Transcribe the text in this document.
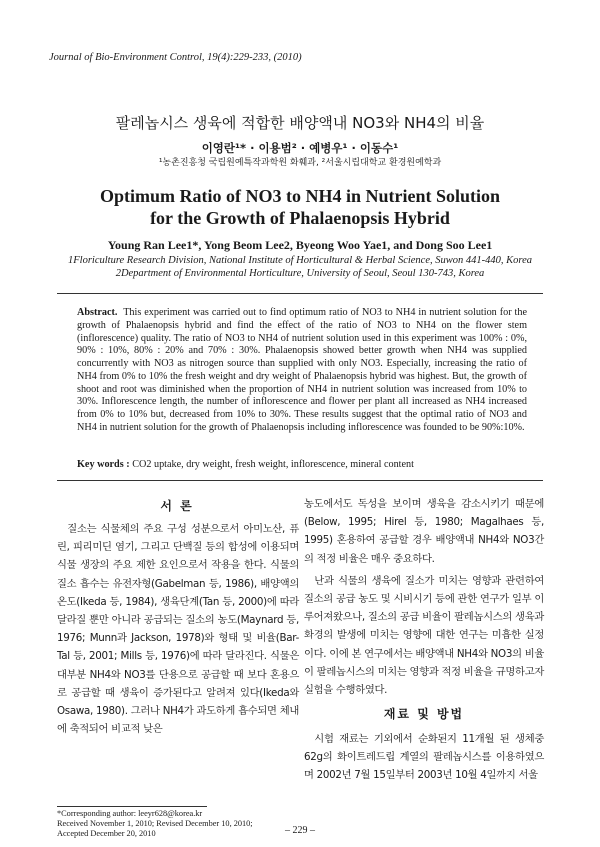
Journal of Bio-Environment Control, 19(4):229-233, (2010)
팔레놉시스 생육에 적합한 배양액내 NO3와 NH4의 비율
이영란¹* · 이용범² · 예병우¹ · 이동수¹
¹농촌진흥청 국립원예특작과학원 화훼과, ²서울시립대학교 환경원예학과
Optimum Ratio of NO3 to NH4 in Nutrient Solution
for the Growth of Phalaenopsis Hybrid
Young Ran Lee1*, Yong Beom Lee2, Byeong Woo Yae1, and Dong Soo Lee1
1Floriculture Research Division, National Institute of Horticultural & Herbal Science, Suwon 441-440, Korea
2Department of Environmental Horticulture, University of Seoul, Seoul 130-743, Korea
Abstract. This experiment was carried out to find optimum ratio of NO3 to NH4 in nutrient solution for the growth of Phalaenopsis hybrid and find the effect of the ratio of NO3 to NH4 on the flower stem (inflorescence) quality. The ratio of NO3 to NH4 of nutrient solution used in this experiment was 100% : 0%, 90% : 10%, 80% : 20% and 70% : 30%. Phalaenopsis showed better growth when NH4 was supplied concurrently with NO3 as nitrogen source than supplied with only NO3. Especially, increasing the ratio of NH4 from 0% to 10% the fresh weight and dry weight of Phalaenopsis hybrid was highest. But, the growth of shoot and root was diminished when the proportion of NH4 in nutrient solution was increased from 10% to 30%. Inflorescence length, the number of inflorescence and flower per plant all increased as NH4 increased from 0% to 10% but, decreased from 10% to 30%. These results suggest that the optimal ratio of NO3 and NH4 in nutrient solution for the growth of Phalaenopsis including inflorescence was founded to be 90%:10%.
Key words : CO2 uptake, dry weight, fresh weight, inflorescence, mineral content
서 론

질소는 식물체의 주요 구성 성분으로서 아미노산, 퓨린, 피리미딘 염기, 그리고 단백질 등의 합성에 이용되며 식물 생장의 주요 제한 요인으로서 작용을 한다. 식물의 질소 흡수는 유전자형(Gabelman 등, 1986), 배양액의 온도(Ikeda 등, 1984), 생육단계(Tan 등, 2000)에 따라 달라질 뿐만 아니라 공급되는 질소의 농도(Maynard 등, 1976; Munn과 Jackson, 1978)와 형태 및 비율(Bar-Tal 등, 2001; Mills 등, 1976)에 따라 달라진다. 식물은 대부분 NH4와 NO3를 단용으로 공급할 때 보다 혼용으로 공급할 때 생육이 증가된다고 알려져 있다(Ikeda와 Osawa, 1980). 그러나 NH4가 과도하게 흡수되면 체내에 축적되어 비교적 낮은

*Corresponding author: leeyr628@korea.kr
Received November 1, 2010; Revised December 10, 2010;
Accepted December 20, 2010

농도에서도 독성을 보이며 생육을 감소시키기 때문에 (Below, 1995; Hirel 등, 1980; Magalhaes 등, 1995) 혼용하여 공급할 경우 배양액내 NH4와 NO3간의 적정 비율은 매우 중요하다.

난과 식물의 생육에 질소가 미치는 영향과 관련하여 질소의 공급 농도 및 시비시기 등에 관한 연구가 일부 이루어져왔으나, 질소의 공급 비율이 팔레놉시스의 생육과 화경의 발생에 미치는 영향에 대한 연구는 미흡한 실정이다. 이에 본 연구에서는 배양액내 NH4와 NO3의 비율이 팔레놉시스의 미치는 영향과 적정 비율을 규명하고자 실험을 수행하였다.

재료 및 방법

시험 재료는 기외에서 순화된지 11개월 된 생체중 62g의 화이트레드립 계열의 팔레놉시스를 이용하였으며 2002년 7월 15일부터 2003년 10월 4일까지 서울

– 229 –
